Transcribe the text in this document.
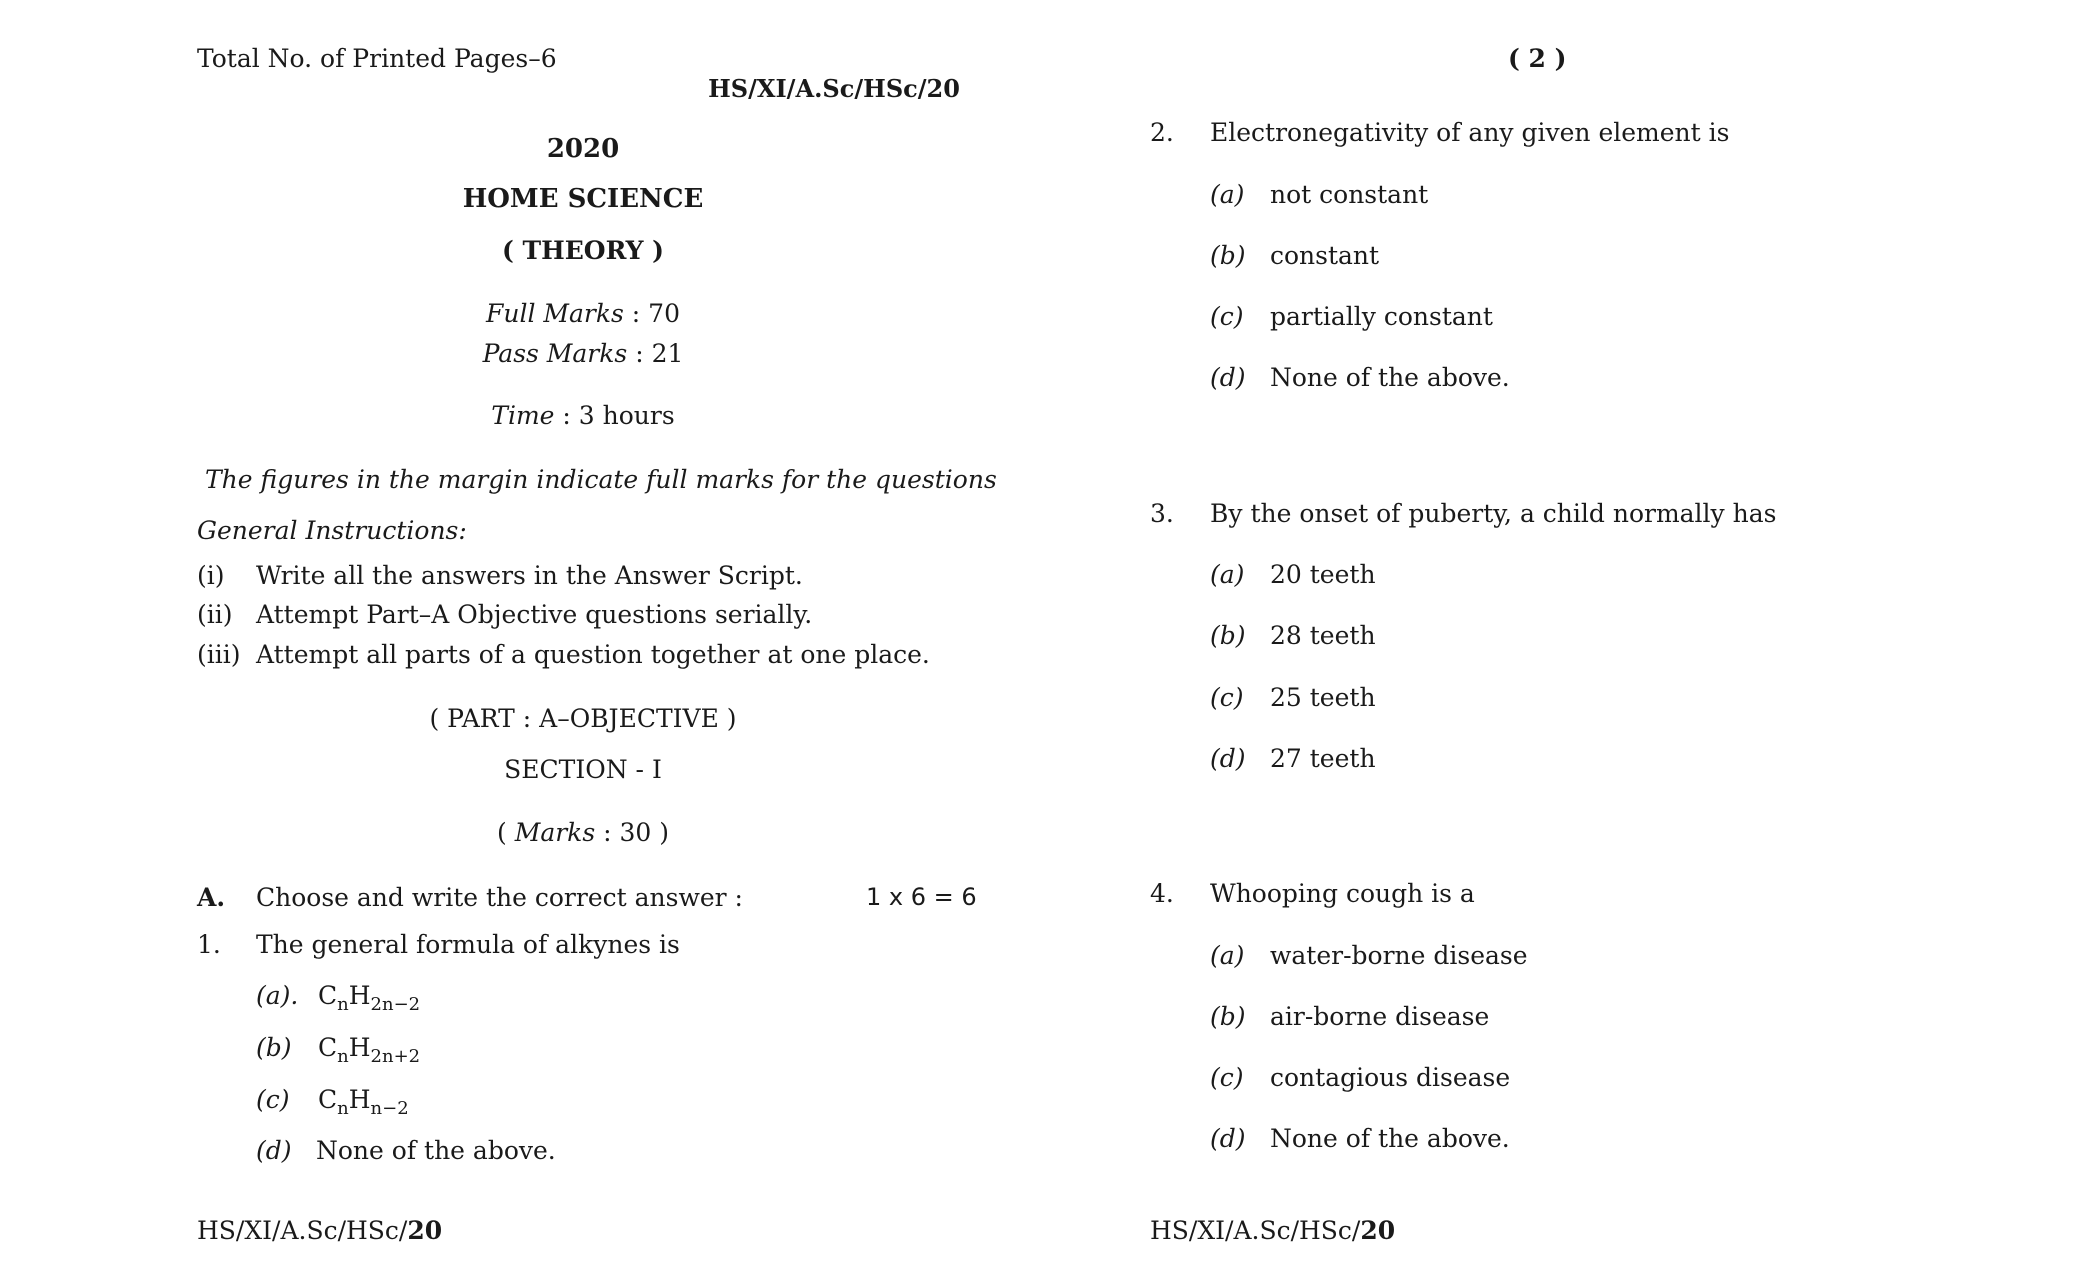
Total No. of Printed Pages–6
HS/XI/A.Sc/HSc/20
2020
HOME SCIENCE
( THEORY )
Full Marks : 70
Pass Marks : 21
Time : 3 hours
The figures in the margin indicate full marks for the questions
General Instructions:
(i) Write all the answers in the Answer Script.
(ii) Attempt Part–A Objective questions serially.
(iii) Attempt all parts of a question together at one place.
( PART : A–OBJECTIVE )
SECTION - I
( Marks : 30 )
A. Choose and write the correct answer :	1 x 6 = 6
1. The general formula of alkynes is
(a). $C_nH_{2n-2}$
(b) $C_nH_{2n+2}$
(c) $C_nH_{n-2}$
(d) None of the above.
HS/XI/A.Sc/HSc/20
( 2 )
2. Electronegativity of any given element is
(a) not constant
(b) constant
(c) partially constant
(d) None of the above.
3. By the onset of puberty, a child normally has
(a) 20 teeth
(b) 28 teeth
(c) 25 teeth
(d) 27 teeth
4. Whooping cough is a
(a) water-borne disease
(b) air-borne disease
(c) contagious disease
(d) None of the above.
HS/XI/A.Sc/HSc/20
